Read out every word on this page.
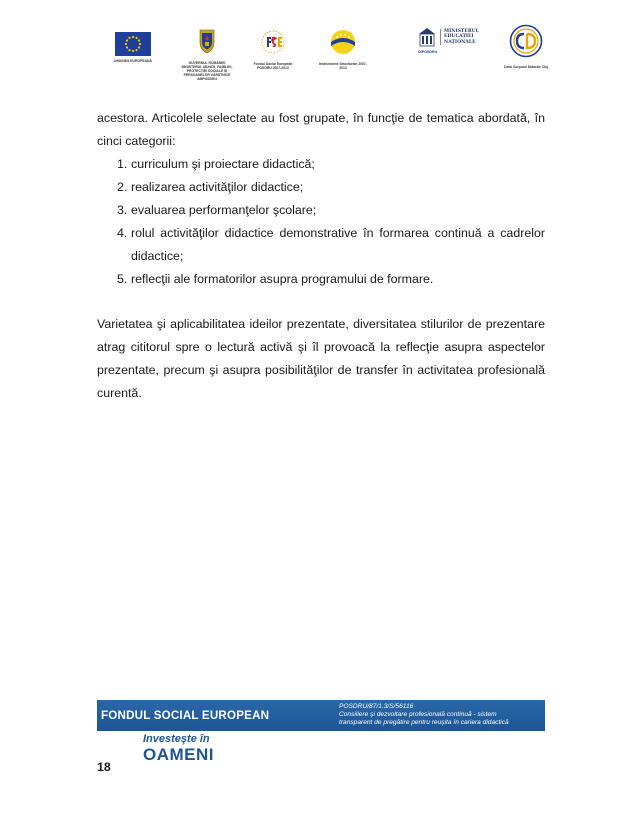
UNIUNEA EUROPEANĂ	GUVERNUL ROMÂNIEI MINISTERUL MUNCII, FAMILIEI, PROTECŢIEI SOCIALE ŞI PERSOANELOR VÂRSTNICE AMPOSDRU
Fondul Social European POSDRU 2007-2013
Instrumente Structurale 2007-2013
MINISTERUL
EDUCAŢIEI
NAŢIONALE
OIPOSDRU
Casa Corpului Didactic Cluj

acestora. Articolele selectate au fost grupate, în funcţie de tematica abordată, în cinci categorii:

1. curriculum şi proiectare didactică;
2. realizarea activităţilor didactice;
3. evaluarea performanţelor şcolare;
4. rolul activităţilor didactice demonstrative în formarea continuă a cadrelor didactice;
5. reflecţii ale formatorilor asupra programului de formare.

Varietatea şi aplicabilitatea ideilor prezentate, diversitatea stilurilor de prezentare atrag cititorul spre o lectură activă şi îl provoacă la reflecţie asupra aspectelor prezentate, precum şi asupra posibilităţilor de transfer în activitatea profesională curentă.

FONDUL SOCIAL EUROPEAN
POSDRU/87/1.3/S/56116
Consiliere şi dezvoltare profesională continuă - sistem
transparent de pregătire pentru reuşita în cariera didactică
Investeşte în
OAMENI
18
